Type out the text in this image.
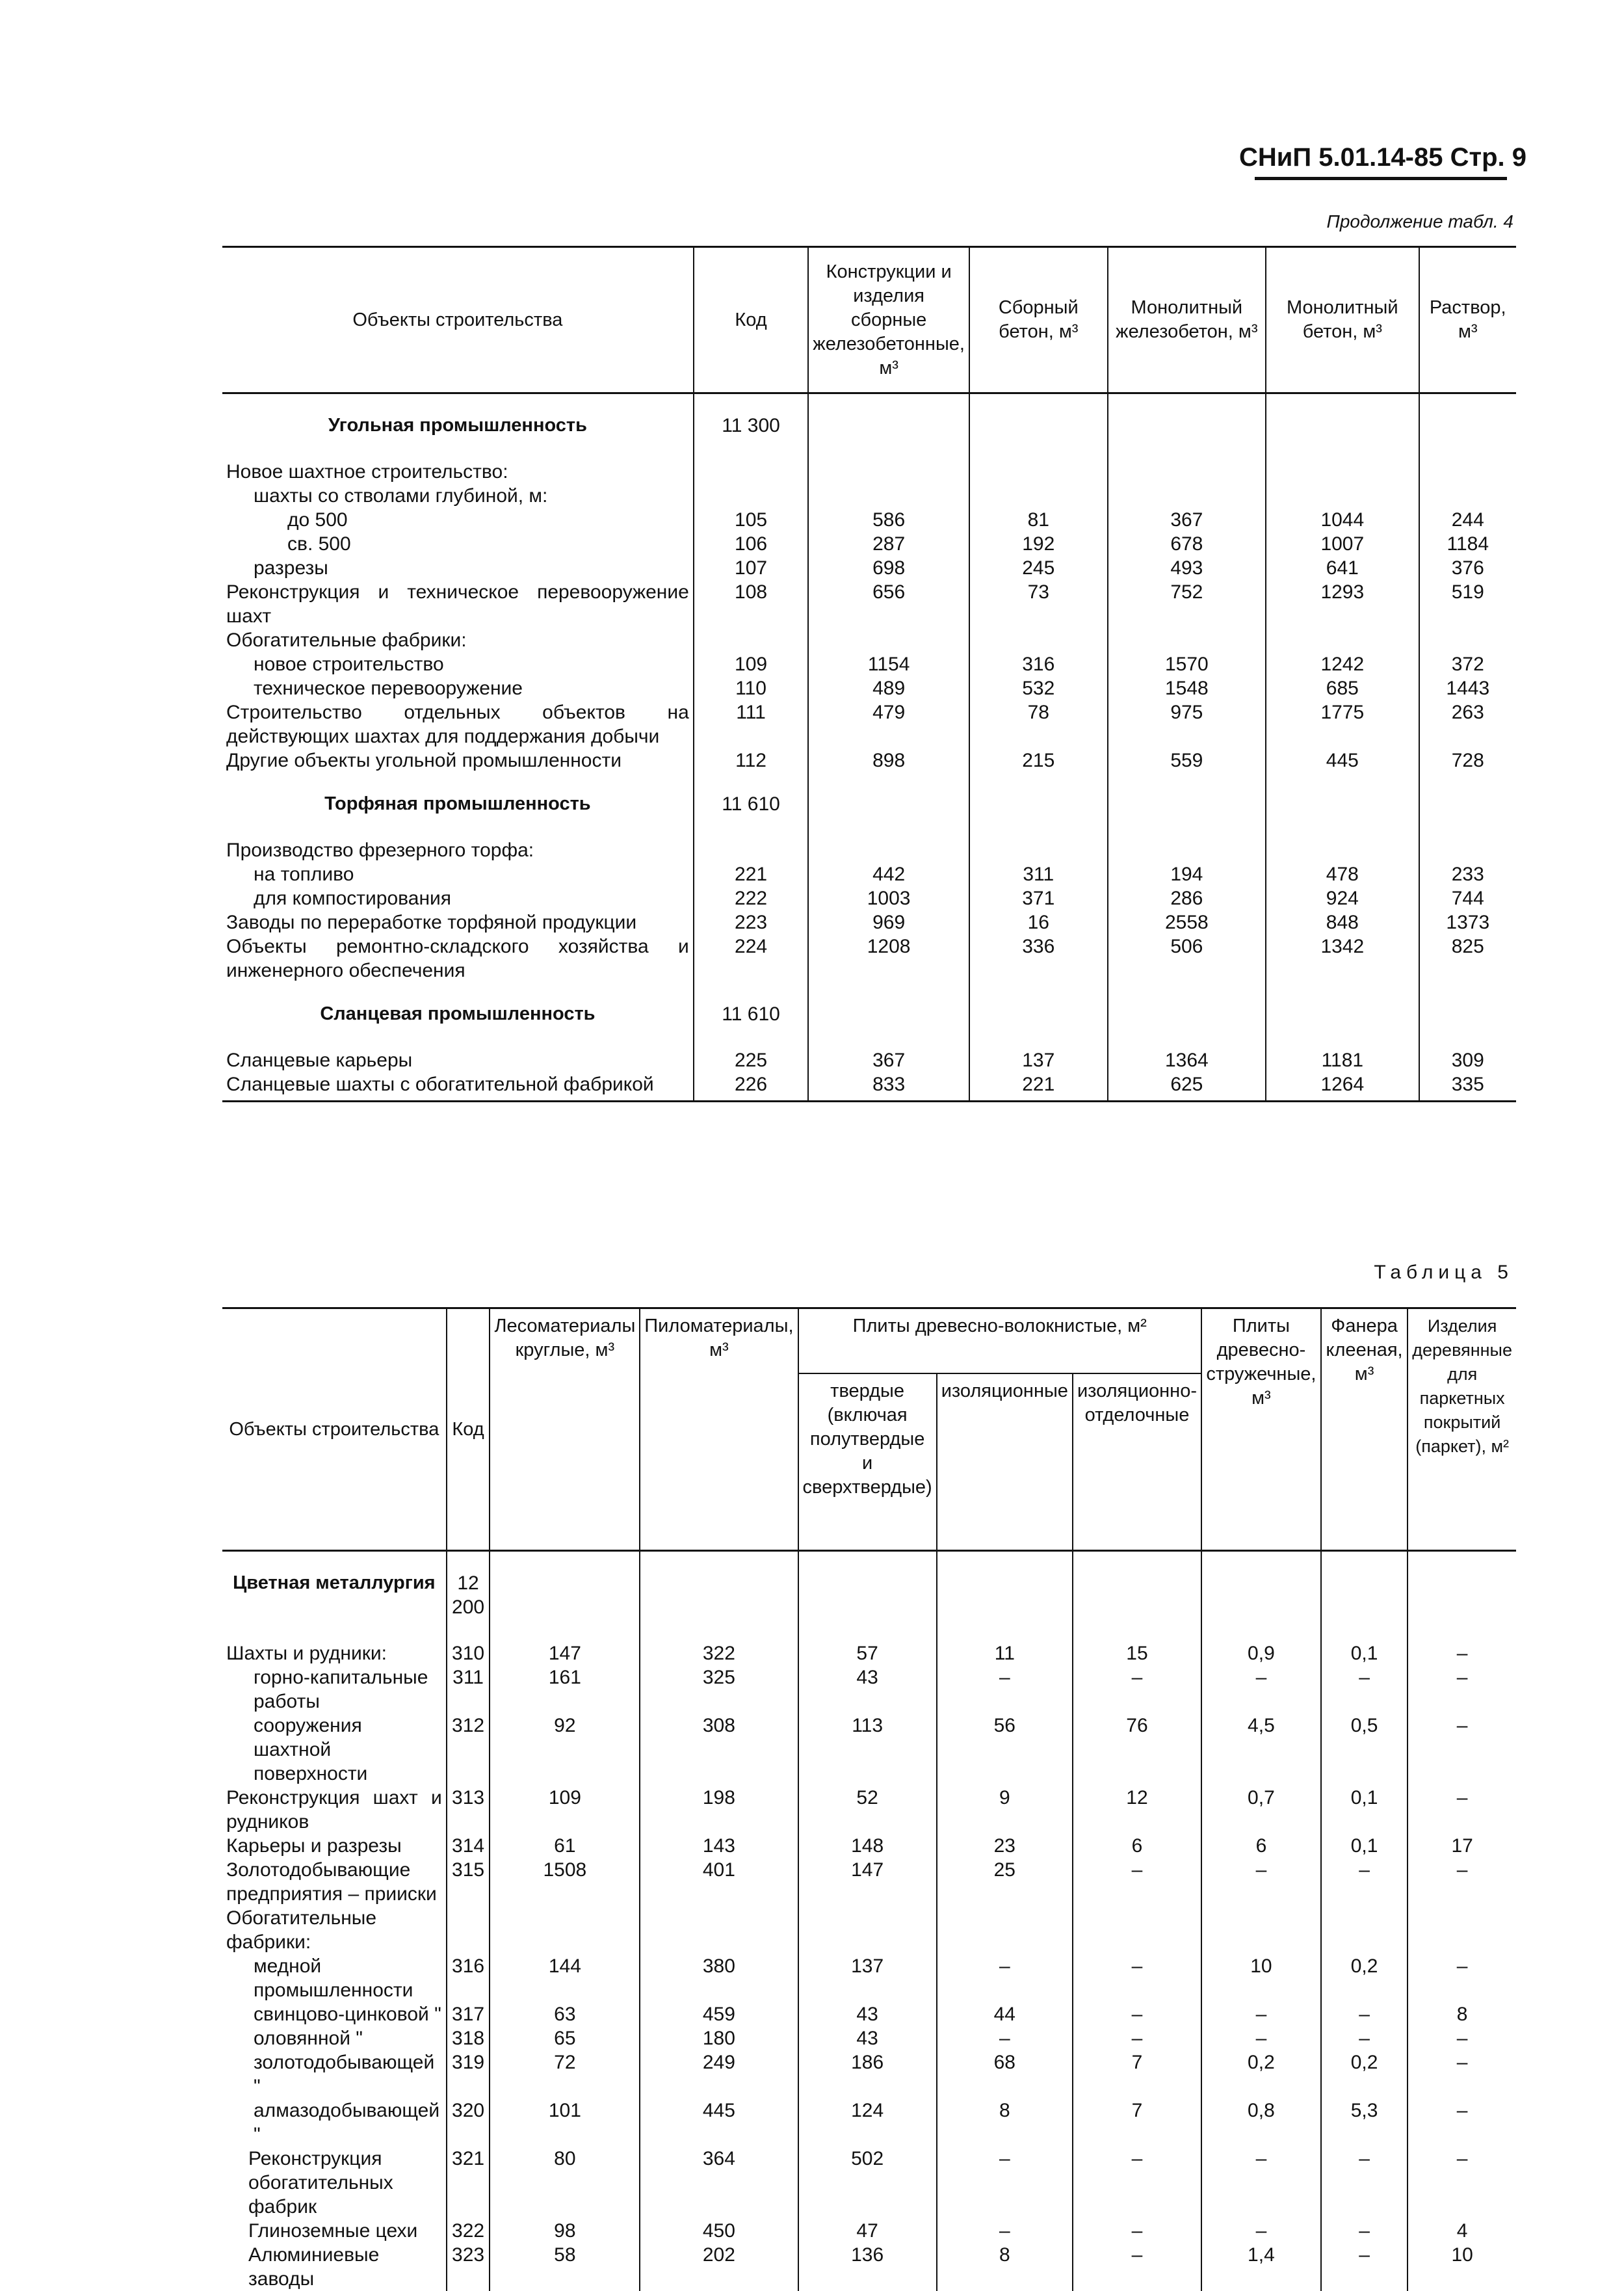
СНиП 5.01.14-85 Стр. 9
Продолжение табл. 4
Объекты строительства	Код	Конструкции и изделия сборные железобетонные, м³	Сборный бетон, м³	Монолитный железобетон, м³	Монолитный бетон, м³	Раствор, м³
Угольная промышленность	11 300					
Новое шахтное строительство:						
шахты со стволами глубиной, м:						
до 500	105	586	81	367	1044	244
св. 500	106	287	192	678	1007	1184
разрезы	107	698	245	493	641	376
Реконструкция и техническое перевооружение шахт	108	656	73	752	1293	519
Обогатительные фабрики:						
новое строительство	109	1154	316	1570	1242	372
техническое перевооружение	110	489	532	1548	685	1443
Строительство отдельных объектов на действующих шахтах для поддержания добычи	111	479	78	975	1775	263
Другие объекты угольной промышленности	112	898	215	559	445	728
Торфяная промышленность	11 610					
Производство фрезерного торфа:						
на топливо	221	442	311	194	478	233
для компостирования	222	1003	371	286	924	744
Заводы по переработке торфяной продукции	223	969	16	2558	848	1373
Объекты ремонтно-складского хозяйства и инженерного обеспечения	224	1208	336	506	1342	825
Сланцевая промышленность	11 610					
Сланцевые карьеры	225	367	137	1364	1181	309
Сланцевые шахты с обогатительной фабрикой	226	833	221	625	1264	335
Таблица 5
Объекты строительства	Код	Лесоматериалы круглые, м³	Пиломатериалы, м³	Плиты древесно-волокнистые, м²			Плиты древесно-стружечные, м³	Фанера клееная, м³	Изделия деревянные для паркетных покрытий (паркет), м²
				твердые (включая полутвердые и сверхтвердые)	изоляционные	изоляционно-отделочные			
Цветная металлургия	12 200								
Шахты и рудники:	310	147	322	57	11	15	0,9	0,1	–
горно-капитальные работы	311	161	325	43	–	–	–	–	–
сооружения шахтной поверхности	312	92	308	113	56	76	4,5	0,5	–
Реконструкция шахт и рудников	313	109	198	52	9	12	0,7	0,1	–
Карьеры и разрезы	314	61	143	148	23	6	6	0,1	17
Золотодобывающие предприятия – прииски	315	1508	401	147	25	–	–	–	–
Обогатительные фабрики:									
медной промышленности	316	144	380	137	–	–	10	0,2	–
свинцово-цинковой "	317	63	459	43	44	–	–	–	8
оловянной "	318	65	180	43	–	–	–	–	–
золотодобывающей "	319	72	249	186	68	7	0,2	0,2	–
алмазодобывающей "	320	101	445	124	8	7	0,8	5,3	–
Реконструкция обогатительных фабрик	321	80	364	502	–	–	–	–	–
Глиноземные цехи	322	98	450	47	–	–	–	–	4
Алюминиевые заводы	323	58	202	136	8	–	1,4	–	10
